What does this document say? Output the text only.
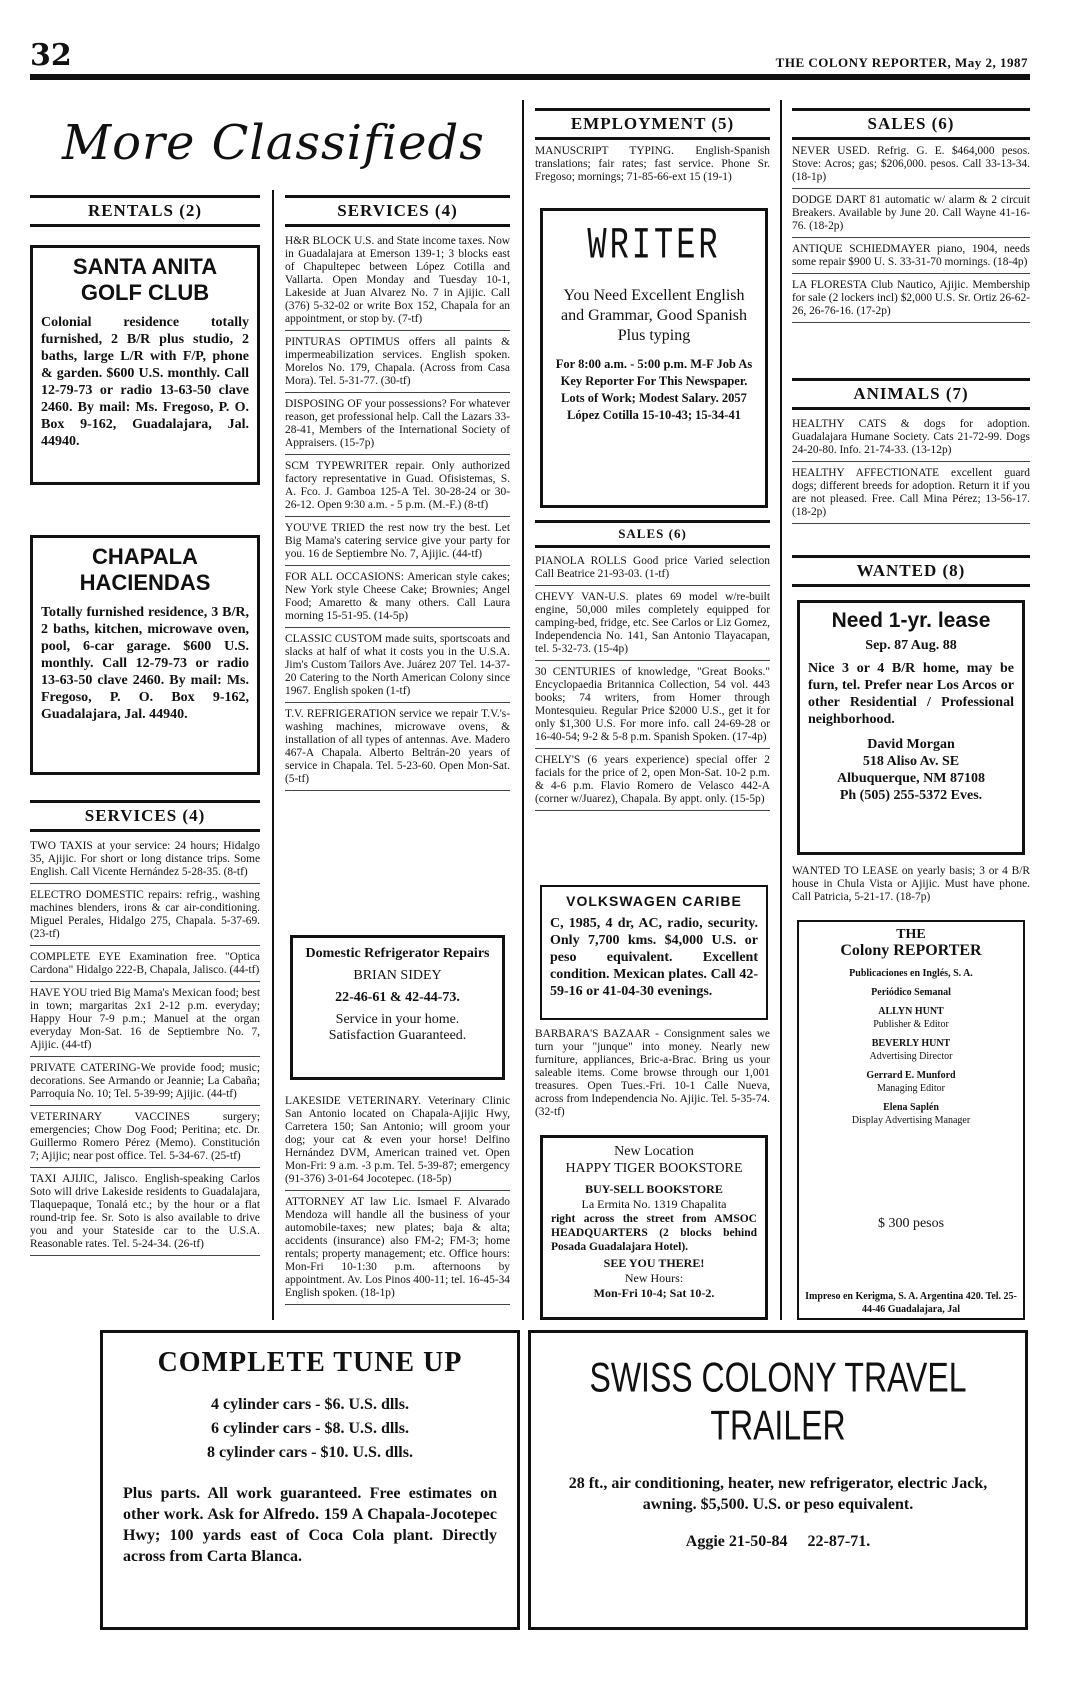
32	THE COLONY REPORTER, May 2, 1987
More Classifieds
RENTALS (2)
SANTA ANITA GOLF CLUB
Colonial residence totally furnished, 2 B/R plus studio, 2 baths, large L/R with F/P, phone & garden. $600 U.S. monthly. Call 12-79-73 or radio 13-63-50 clave 2460. By mail: Ms. Fregoso, P. O. Box 9-162, Guadalajara, Jal. 44940.
CHAPALA HACIENDAS
Totally furnished residence, 3 B/R, 2 baths, kitchen, microwave oven, pool, 6-car garage. $600 U.S. monthly. Call 12-79-73 or radio 13-63-50 clave 2460. By mail: Ms. Fregoso, P. O. Box 9-162, Guadalajara, Jal. 44940.
SERVICES (4)

TWO TAXIS at your service: 24 hours; Hidalgo 35, Ajijic. For short or long distance trips. Some English. Call Vicente Hernández 5-28-35. (8-tf)

ELECTRO DOMESTIC repairs: refrig., washing machines blenders, irons & car air-conditioning. Miguel Perales, Hidalgo 275, Chapala. 5-37-69. (23-tf)

COMPLETE EYE Examination free. "Optica Cardona" Hidalgo 222-B, Chapala, Jalisco. (44-tf)

HAVE YOU tried Big Mama's Mexican food; best in town; margaritas 2x1 2-12 p.m. everyday; Happy Hour 7-9 p.m.; Manuel at the organ everyday Mon-Sat. 16 de Septiembre No. 7, Ajijic. (44-tf)

PRIVATE CATERING-We provide food; music; decorations. See Armando or Jeannie; La Cabaña; Parroquia No. 10; Tel. 5-39-99; Ajijic. (44-tf)

VETERINARY VACCINES surgery; emergencies; Chow Dog Food; Peritina; etc. Dr. Guillermo Romero Pérez (Memo). Constitución 7; Ajijic; near post office. Tel. 5-34-67. (25-tf)

TAXI AJIJIC, Jalisco. English-speaking Carlos Soto will drive Lakeside residents to Guadalajara, Tlaquepaque, Tonalá etc.; by the hour or a flat round-trip fee. Sr. Soto is also available to drive you and your Stateside car to the U.S.A. Reasonable rates. Tel. 5-24-34. (26-tf)

SERVICES (4)

H&R BLOCK U.S. and State income taxes. Now in Guadalajara at Emerson 139-1; 3 blocks east of Chapultepec between López Cotilla and Vallarta. Open Monday and Tuesday 10-1, Lakeside at Juan Alvarez No. 7 in Ajijic. Call (376) 5-32-02 or write Box 152, Chapala for an appointment, or stop by. (7-tf)

PINTURAS OPTIMUS offers all paints & impermeabilization services. English spoken. Morelos No. 179, Chapala. (Across from Casa Mora). Tel. 5-31-77. (30-tf)

DISPOSING OF your possessions? For whatever reason, get professional help. Call the Lazars 33-28-41, Members of the International Society of Appraisers. (15-7p)

SCM TYPEWRITER repair. Only authorized factory representative in Guad. Ofisistemas, S. A. Fco. J. Gamboa 125-A Tel. 30-28-24 or 30-26-12. Open 9:30 a.m. - 5 p.m. (M.-F.) (8-tf)

YOU'VE TRIED the rest now try the best. Let Big Mama's catering service give your party for you. 16 de Septiembre No. 7, Ajijic. (44-tf)

FOR ALL OCCASIONS: American style cakes; New York style Cheese Cake; Brownies; Angel Food; Amaretto & many others. Call Laura morning 15-51-95. (14-5p)

CLASSIC CUSTOM made suits, sportscoats and slacks at half of what it costs you in the U.S.A. Jim's Custom Tailors Ave. Juárez 207 Tel. 14-37-20 Catering to the North American Colony since 1967. English spoken (1-tf)

T.V. REFRIGERATION service we repair T.V.'s-washing machines, microwave ovens, & installation of all types of antennas. Ave. Madero 467-A Chapala. Alberto Beltrán-20 years of service in Chapala. Tel. 5-23-60. Open Mon-Sat. (5-tf)

Domestic Refrigerator Repairs
BRIAN SIDEY
22-46-61 & 42-44-73.
Service in your home. Satisfaction Guaranteed.

LAKESIDE VETERINARY. Veterinary Clinic San Antonio located on Chapala-Ajijic Hwy, Carretera 150; San Antonio; will groom your dog; your cat & even your horse! Delfino Hernández DVM, American trained vet. Open Mon-Fri: 9 a.m. -3 p.m. Tel. 5-39-87; emergency (91-376) 3-01-64 Jocotepec. (18-5p)

ATTORNEY AT law Lic. Ismael F. Alvarado Mendoza will handle all the business of your automobile-taxes; new plates; baja & alta; accidents (insurance) also FM-2; FM-3; home rentals; property management; etc. Office hours: Mon-Fri 10-1:30 p.m. afternoons by appointment. Av. Los Pinos 400-11; tel. 16-45-34 English spoken. (18-1p)

EMPLOYMENT (5)
MANUSCRIPT TYPING. English-Spanish translations; fair rates; fast service. Phone Sr. Fregoso; mornings; 71-85-66-ext 15 (19-1)
WRITER
You Need Excellent English and Grammar, Good Spanish Plus typing
For 8:00 a.m. - 5:00 p.m. M-F Job As Key Reporter For This Newspaper. Lots of Work; Modest Salary. 2057 López Cotilla 15-10-43; 15-34-41
SALES (6)

PIANOLA ROLLS Good price Varied selection Call Beatrice 21-93-03. (1-tf)

CHEVY VAN-U.S. plates 69 model w/re-built engine, 50,000 miles completely equipped for camping-bed, fridge, etc. See Carlos or Liz Gomez, Independencia No. 141, San Antonio Tlayacapan, tel. 5-32-73. (15-4p)

30 CENTURIES of knowledge, "Great Books." Encyclopaedia Britannica Collection, 54 vol. 443 books; 74 writers, from Homer through Montesquieu. Regular Price $2000 U.S., get it for only $1,300 U.S. For more info. call 24-69-28 or 16-40-54; 9-2 & 5-8 p.m. Spanish Spoken. (17-4p)

CHELY'S (6 years experience) special offer 2 facials for the price of 2, open Mon-Sat. 10-2 p.m. & 4-6 p.m. Flavio Romero de Velasco 442-A (corner w/Juarez), Chapala. By appt. only. (15-5p)

VOLKSWAGEN CARIBE
C, 1985, 4 dr, AC, radio, security. Only 7,700 kms. $4,000 U.S. or peso equivalent. Excellent condition. Mexican plates. Call 42-59-16 or 41-04-30 evenings.
BARBARA'S BAZAAR - Consignment sales we turn your "junque" into money. Nearly new furniture, appliances, Bric-a-Brac. Bring us your saleable items. Come browse through our 1,001 treasures. Open Tues.-Fri. 10-1 Calle Nueva, across from Independencia No. Ajijic. Tel. 5-35-74. (32-tf)
New Location
HAPPY TIGER BOOKSTORE
BUY-SELL BOOKSTORE
La Ermita No. 1319 Chapalita
right across the street from AMSOC HEADQUARTERS (2 blocks behind Posada Guadalajara Hotel).
SEE YOU THERE!
New Hours:
Mon-Fri 10-4; Sat 10-2.
SALES (6)

NEVER USED. Refrig. G. E. $464,000 pesos. Stove: Acros; gas; $206,000. pesos. Call 33-13-34. (18-1p)

DODGE DART 81 automatic w/ alarm & 2 circuit Breakers. Available by June 20. Call Wayne 41-16-76. (18-2p)

ANTIQUE SCHIEDMAYER piano, 1904, needs some repair $900 U. S. 33-31-70 mornings. (18-4p)

LA FLORESTA Club Nautico, Ajijic. Membership for sale (2 lockers incl) $2,000 U.S. Sr. Ortiz 26-62-26, 26-76-16. (17-2p)

ANIMALS (7)

HEALTHY CATS & dogs for adoption. Guadalajara Humane Society. Cats 21-72-99. Dogs 24-20-80. Info. 21-74-33. (13-12p)

HEALTHY AFFECTIONATE excellent guard dogs; different breeds for adoption. Return it if you are not pleased. Free. Call Mina Pérez; 13-56-17. (18-2p)

WANTED (8)
Need 1-yr. lease
Sep. 87 Aug. 88
Nice 3 or 4 B/R home, may be furn, tel. Prefer near Los Arcos or other Residential / Professional neighborhood.
David Morgan
518 Aliso Av. SE
Albuquerque, NM 87108
Ph (505) 255-5372 Eves.
WANTED TO LEASE on yearly basis; 3 or 4 B/R house in Chula Vista or Ajijic. Must have phone. Call Patricia, 5-21-17. (18-7p)
THE
Colony REPORTER
Publicaciones en Inglés, S. A.
Periódico Semanal
ALLYN HUNT
Publisher & Editor
BEVERLY HUNT
Advertising Director
Gerrard E. Munford
Managing Editor
Elena Saplén
Display Advertising Manager
$ 300 pesos
Impreso en Kerigma, S. A. Argentina 420. Tel. 25-44-46 Guadalajara, Jal
COMPLETE TUNE UP
4 cylinder cars - $6. U.S. dlls.
6 cylinder cars - $8. U.S. dlls.
8 cylinder cars - $10. U.S. dlls.
Plus parts. All work guaranteed. Free estimates on other work. Ask for Alfredo. 159 A Chapala-Jocotepec Hwy; 100 yards east of Coca Cola plant. Directly across from Carta Blanca.
SWISS COLONY TRAVEL
TRAILER
28 ft., air conditioning, heater, new refrigerator, electric Jack, awning. $5,500. U.S. or peso equivalent.
Aggie 21-50-84     22-87-71.
